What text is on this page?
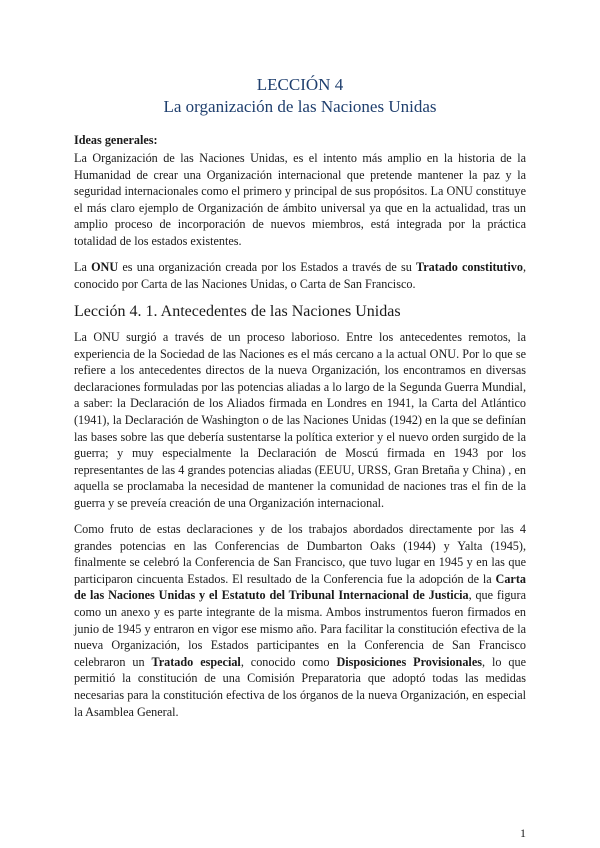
LECCIÓN 4
La organización de las Naciones Unidas
Ideas generales:

La Organización de las Naciones Unidas, es el intento más amplio en la historia de la Humanidad de crear una Organización internacional que pretende mantener la paz y la seguridad internacionales como el primero y principal de sus propósitos. La ONU constituye el más claro ejemplo de Organización de ámbito universal ya que en la actualidad, tras un amplio proceso de incorporación de nuevos miembros, está integrada por la práctica totalidad de los estados existentes.

La ONU es una organización creada por los Estados a través de su Tratado constitutivo, conocido por Carta de las Naciones Unidas, o Carta de San Francisco.

Lección 4. 1. Antecedentes de las Naciones Unidas

La ONU surgió a través de un proceso laborioso. Entre los antecedentes remotos, la experiencia de la Sociedad de las Naciones es el más cercano a la actual ONU. Por lo que se refiere a los antecedentes directos de la nueva Organización, los encontramos en diversas declaraciones formuladas por las potencias aliadas a lo largo de la Segunda Guerra Mundial, a saber: la Declaración de los Aliados firmada en Londres en 1941, la Carta del Atlántico (1941), la Declaración de Washington o de las Naciones Unidas (1942) en la que se definían las bases sobre las que debería sustentarse la política exterior y el nuevo orden surgido de la guerra; y muy especialmente la Declaración de Moscú firmada en 1943 por los representantes de las 4 grandes potencias aliadas (EEUU, URSS, Gran Bretaña y China) , en aquella se proclamaba la necesidad de mantener la comunidad de naciones tras el fin de la guerra y se preveía creación de una Organización internacional.

Como fruto de estas declaraciones y de los trabajos abordados directamente por las 4 grandes potencias en las Conferencias de Dumbarton Oaks (1944) y Yalta (1945), finalmente se celebró la Conferencia de San Francisco, que tuvo lugar en 1945 y en las que participaron cincuenta Estados. El resultado de la Conferencia fue la adopción de la Carta de las Naciones Unidas y el Estatuto del Tribunal Internacional de Justicia, que figura como un anexo y es parte integrante de la misma. Ambos instrumentos fueron firmados en junio de 1945 y entraron en vigor ese mismo año. Para facilitar la constitución efectiva de la nueva Organización, los Estados participantes en la Conferencia de San Francisco celebraron un Tratado especial, conocido como Disposiciones Provisionales, lo que permitió la constitución de una Comisión Preparatoria que adoptó todas las medidas necesarias para la constitución efectiva de los órganos de la nueva Organización, en especial la Asamblea General.

1
